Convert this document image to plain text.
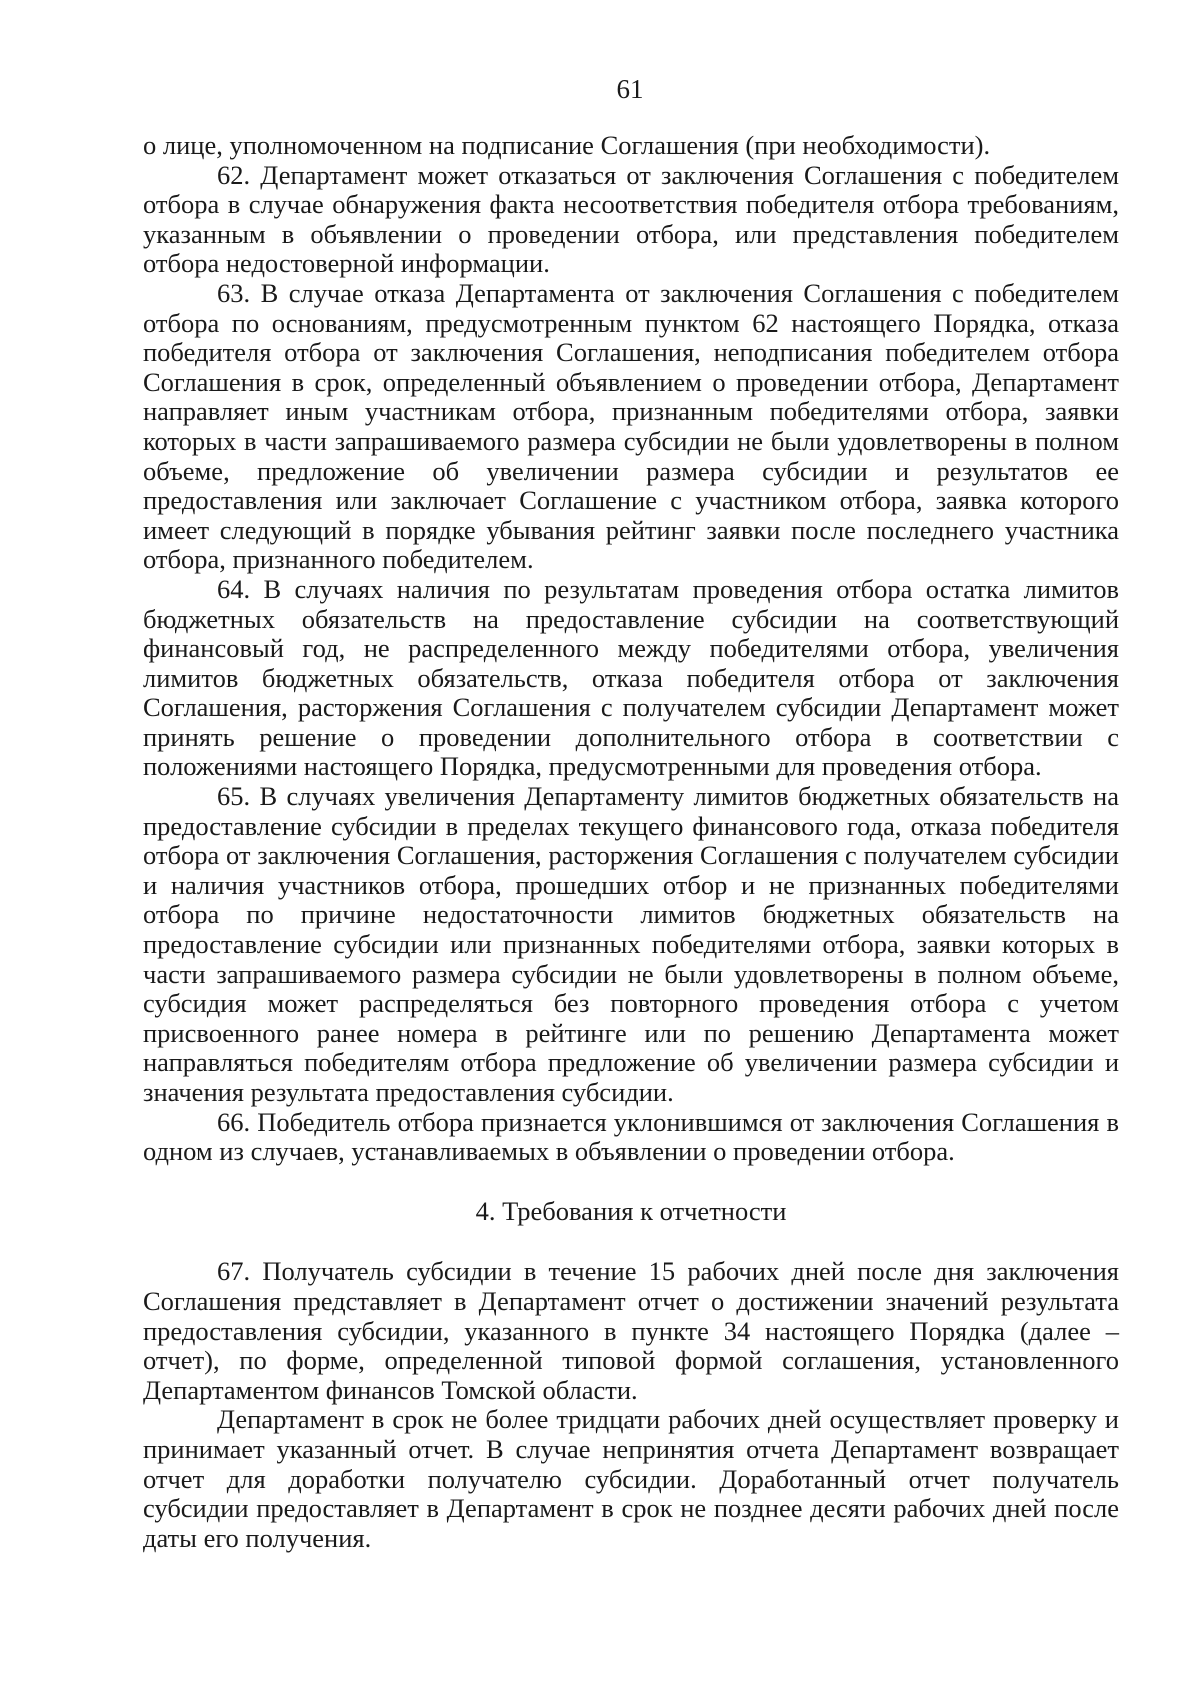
61

о лице, уполномоченном на подписание Соглашения (при необходимости).

62. Департамент может отказаться от заключения Соглашения с победителем отбора в случае обнаружения факта несоответствия победителя отбора требованиям, указанным в объявлении о проведении отбора, или представления победителем отбора недостоверной информации.

63. В случае отказа Департамента от заключения Соглашения с победителем отбора по основаниям, предусмотренным пунктом 62 настоящего Порядка, отказа победителя отбора от заключения Соглашения, неподписания победителем отбора Соглашения в срок, определенный объявлением о проведении отбора, Департамент направляет иным участникам отбора, признанным победителями отбора, заявки которых в части запрашиваемого размера субсидии не были удовлетворены в полном объеме, предложение об увеличении размера субсидии и результатов ее предоставления или заключает Соглашение с участником отбора, заявка которого имеет следующий в порядке убывания рейтинг заявки после последнего участника отбора, признанного победителем.

64. В случаях наличия по результатам проведения отбора остатка лимитов бюджетных обязательств на предоставление субсидии на соответствующий финансовый год, не распределенного между победителями отбора, увеличения лимитов бюджетных обязательств, отказа победителя отбора от заключения Соглашения, расторжения Соглашения с получателем субсидии Департамент может принять решение о проведении дополнительного отбора в соответствии с положениями настоящего Порядка, предусмотренными для проведения отбора.

65. В случаях увеличения Департаменту лимитов бюджетных обязательств на предоставление субсидии в пределах текущего финансового года, отказа победителя отбора от заключения Соглашения, расторжения Соглашения с получателем субсидии и наличия участников отбора, прошедших отбор и не признанных победителями отбора по причине недостаточности лимитов бюджетных обязательств на предоставление субсидии или признанных победителями отбора, заявки которых в части запрашиваемого размера субсидии не были удовлетворены в полном объеме, субсидия может распределяться без повторного проведения отбора с учетом присвоенного ранее номера в рейтинге или по решению Департамента может направляться победителям отбора предложение об увеличении размера субсидии и значения результата предоставления субсидии.

66. Победитель отбора признается уклонившимся от заключения Соглашения в одном из случаев, устанавливаемых в объявлении о проведении отбора.

4. Требования к отчетности

67. Получатель субсидии в течение 15 рабочих дней после дня заключения Соглашения представляет в Департамент отчет о достижении значений результата предоставления субсидии, указанного в пункте 34 настоящего Порядка (далее – отчет), по форме, определенной типовой формой соглашения, установленного Департаментом финансов Томской области.

Департамент в срок не более тридцати рабочих дней осуществляет проверку и принимает указанный отчет. В случае непринятия отчета Департамент возвращает отчет для доработки получателю субсидии. Доработанный отчет получатель субсидии предоставляет в Департамент в срок не позднее десяти рабочих дней после даты его получения.
